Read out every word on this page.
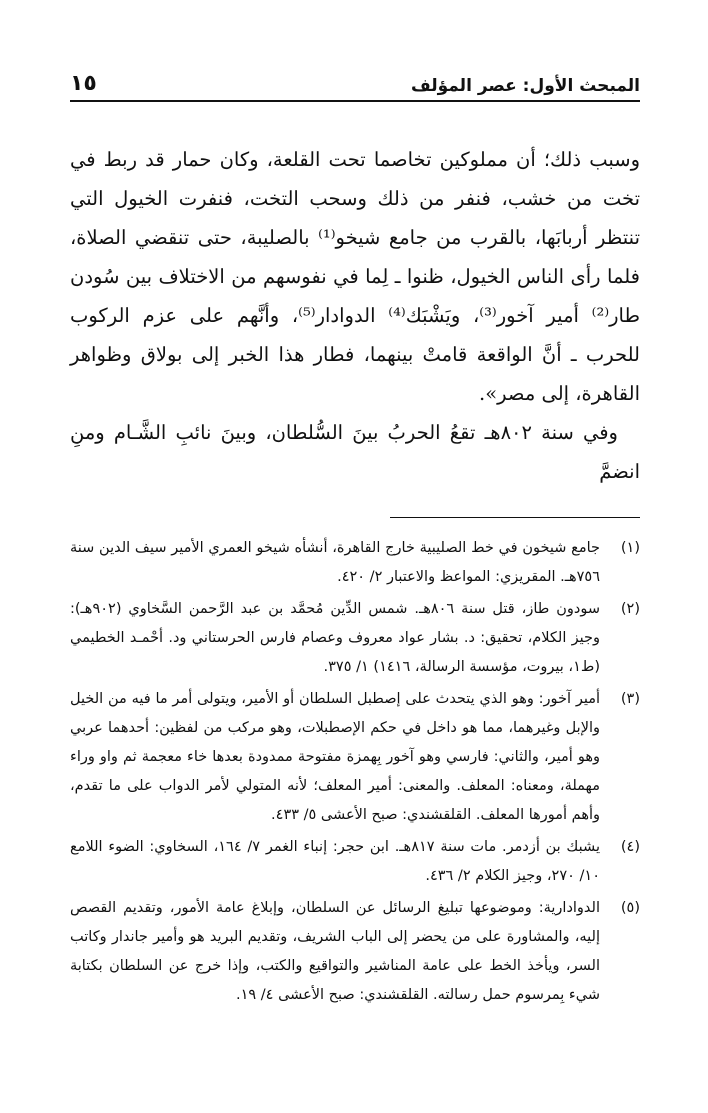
المبحث الأول: عصر المؤلف
١٥

وسبب ذلك؛ أن مملوكين تخاصما تحت القلعة، وكان حمار قد ربط في تخت من خشب، فنفر من ذلك وسحب التخت، فنفرت الخيول التي تنتظر أربابَها، بالقرب من جامع شيخو⁽¹⁾ بالصليبة، حتى تنقضي الصلاة، فلما رأى الناس الخيول، ظنوا ـ لِما في نفوسهم من الاختلاف بين سُودن طار⁽²⁾ أمير آخور⁽³⁾، ويَشْبَك⁽⁴⁾ الدوادار⁽⁵⁾، وأنَّهم على عزم الركوب للحرب ـ أنَّ الواقعة قامتْ بينهما، فطار هذا الخبر إلى بولاق وظواهر القاهرة، إلى مصر».

وفي سنة ٨٠٢هـ تقعُ الحربُ بينَ السُّلطان، وبينَ نائبِ الشَّـام ومنِ انضمَّ

(١)
جامع شيخون في خط الصليبية خارج القاهرة، أنشأه شيخو العمري الأمير سيف الدين سنة ٧٥٦هـ. المقريزي: المواعظ والاعتبار ٢/ ٤٢٠.
(٢)
سودون طاز، قتل سنة ٨٠٦هـ. شمس الدِّين مُحمَّد بن عبد الرَّحمن السَّخاوي (٩٠٢هـ): وجيز الكلام، تحقيق: د. بشار عواد معروف وعصام فارس الحرستاني ود. أحْمـد الخطيمي (ط١، بيروت، مؤسسة الرسالة، ١٤١٦) ١/ ٣٧٥.
(٣)
أمير آخور: وهو الذي يتحدث على إصطبل السلطان أو الأمير، ويتولى أمر ما فيه من الخيل والإبل وغيرهما، مما هو داخل في حكم الإصطبلات، وهو مركب من لفظين: أحدهما عربي وهو أمير، والثاني: فارسي وهو آخور بِهمزة مفتوحة ممدودة بعدها خاء معجمة ثم واو وراء مهملة، ومعناه: المعلف. والمعنى: أمير المعلف؛ لأنه المتولي لأمر الدواب على ما تقدم، وأهم أمورها المعلف. القلقشندي: صبح الأعشى ٥/ ٤٣٣.
(٤)
يشبك بن أزدمر. مات سنة ٨١٧هـ. ابن حجر: إنباء الغمر ٧/ ١٦٤، السخاوي: الضوء اللامع ١٠/ ٢٧٠، وجيز الكلام ٢/ ٤٣٦.
(٥)
الدوادارية: وموضوعها تبليغ الرسائل عن السلطان، وإبلاغ عامة الأمور، وتقديم القصص إليه، والمشاورة على من يحضر إلى الباب الشريف، وتقديم البريد هو وأمير جاندار وكاتب السر، ويأخذ الخط على عامة المناشير والتواقيع والكتب، وإذا خرج عن السلطان بكتابة شيء بِمرسوم حمل رسالته. القلقشندي: صبح الأعشى ٤/ ١٩.
